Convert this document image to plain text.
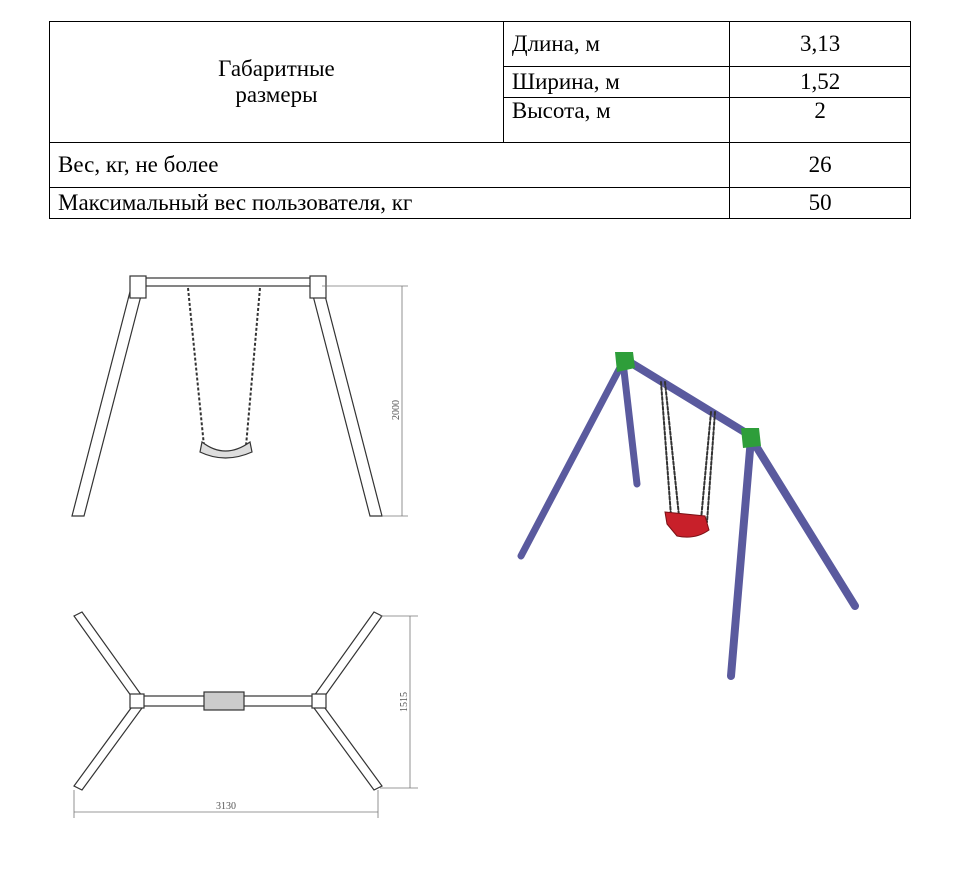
Габаритные
размеры	Длина, м	3,13
	Ширина, м	1,52
	Высота, м	2
Вес, кг, не более		26
Максимальный вес пользователя, кг		50
2000
1515
3130
